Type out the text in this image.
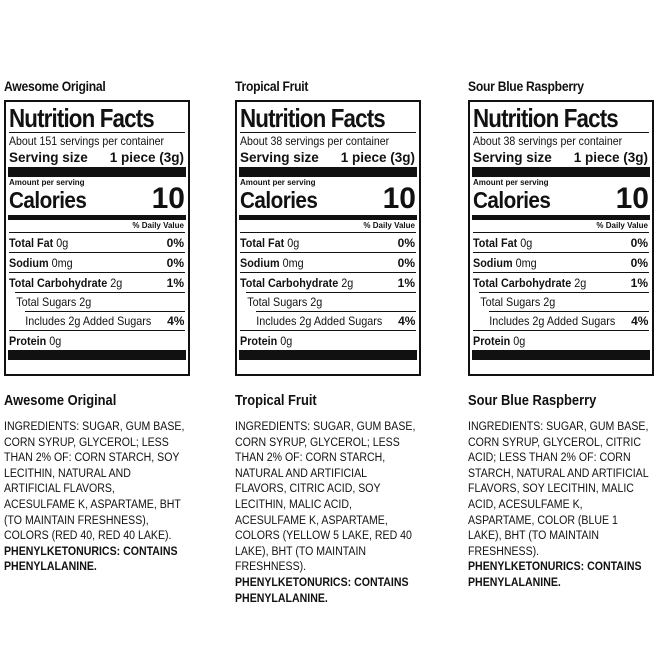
Awesome Original
Nutrition Facts
About 151 servings per container
Serving size 1 piece (3g)
Amount per serving
Calories 10
% Daily Value
Total Fat 0g	0%
Sodium 0mg	0%
Total Carbohydrate 2g	1%
Total Sugars 2g
Includes 2g Added Sugars 4%
Protein 0g
Awesome Original
INGREDIENTS: SUGAR, GUM BASE, CORN SYRUP, GLYCEROL; LESS THAN 2% OF: CORN STARCH, SOY LECITHIN, NATURAL AND ARTIFICIAL FLAVORS, ACESULFAME K, ASPARTAME, BHT (TO MAINTAIN FRESHNESS), COLORS (RED 40, RED 40 LAKE). PHENYLKETONURICS: CONTAINS PHENYLALANINE.
Tropical Fruit
Nutrition Facts
About 38 servings per container
Serving size 1 piece (3g)
Amount per serving
Calories 10
% Daily Value
Total Fat 0g	0%
Sodium 0mg	0%
Total Carbohydrate 2g	1%
Total Sugars 2g
Includes 2g Added Sugars 4%
Protein 0g
Tropical Fruit
INGREDIENTS: SUGAR, GUM BASE, CORN SYRUP, GLYCEROL; LESS THAN 2% OF: CORN STARCH, NATURAL AND ARTIFICIAL FLAVORS, CITRIC ACID, SOY LECITHIN, MALIC ACID, ACESULFAME K, ASPARTAME, COLORS (YELLOW 5 LAKE, RED 40 LAKE), BHT (TO MAINTAIN FRESHNESS). PHENYLKETONURICS: CONTAINS PHENYLALANINE.
Sour Blue Raspberry
Nutrition Facts
About 38 servings per container
Serving size 1 piece (3g)
Amount per serving
Calories 10
% Daily Value
Total Fat 0g	0%
Sodium 0mg	0%
Total Carbohydrate 2g	1%
Total Sugars 2g
Includes 2g Added Sugars 4%
Protein 0g
Sour Blue Raspberry
INGREDIENTS: SUGAR, GUM BASE, CORN SYRUP, GLYCEROL, CITRIC ACID; LESS THAN 2% OF: CORN STARCH, NATURAL AND ARTIFICIAL FLAVORS, SOY LECITHIN, MALIC ACID, ACESULFAME K, ASPARTAME, COLOR (BLUE 1 LAKE), BHT (TO MAINTAIN FRESHNESS). PHENYLKETONURICS: CONTAINS PHENYLALANINE.
